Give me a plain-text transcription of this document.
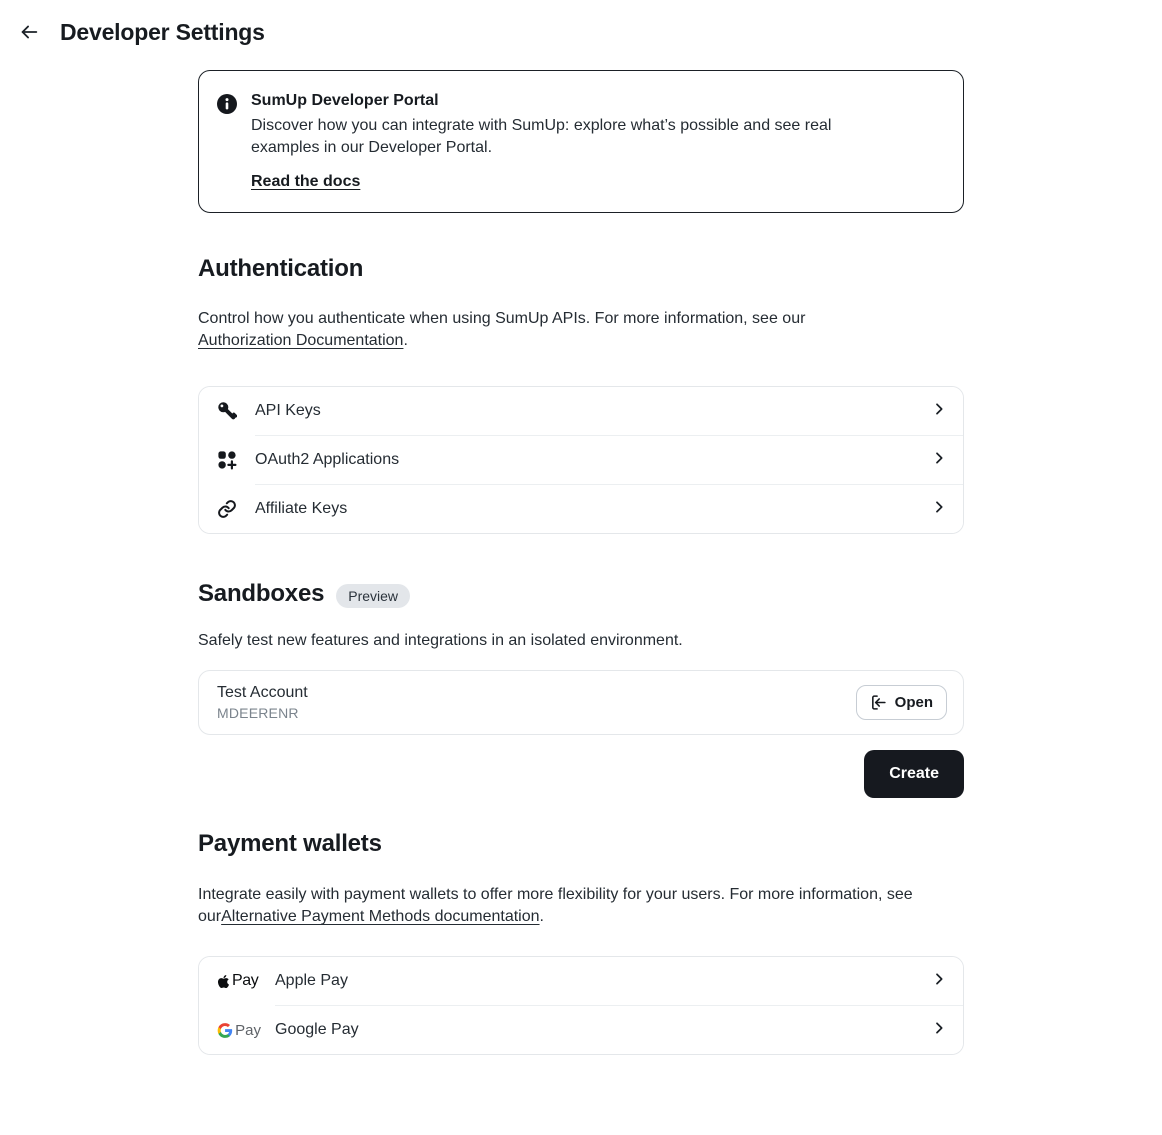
Developer Settings
SumUp Developer Portal

Discover how you can integrate with SumUp: explore what’s possible and see real examples in our Developer Portal.

Read the docs
Authentication

Control how you authenticate when using SumUp APIs. For more information, see our Authorization Documentation.

API Keys
OAuth2 Applications
Affiliate Keys
Sandboxes	Preview

Safely test new features and integrations in an isolated environment.

Test Account
MDEERENR
Open
Create
Payment wallets

Integrate easily with payment wallets to offer more flexibility for your users. For more information, see ourAlternative Payment Methods documentation.

Pay Apple Pay
Pay Google Pay
